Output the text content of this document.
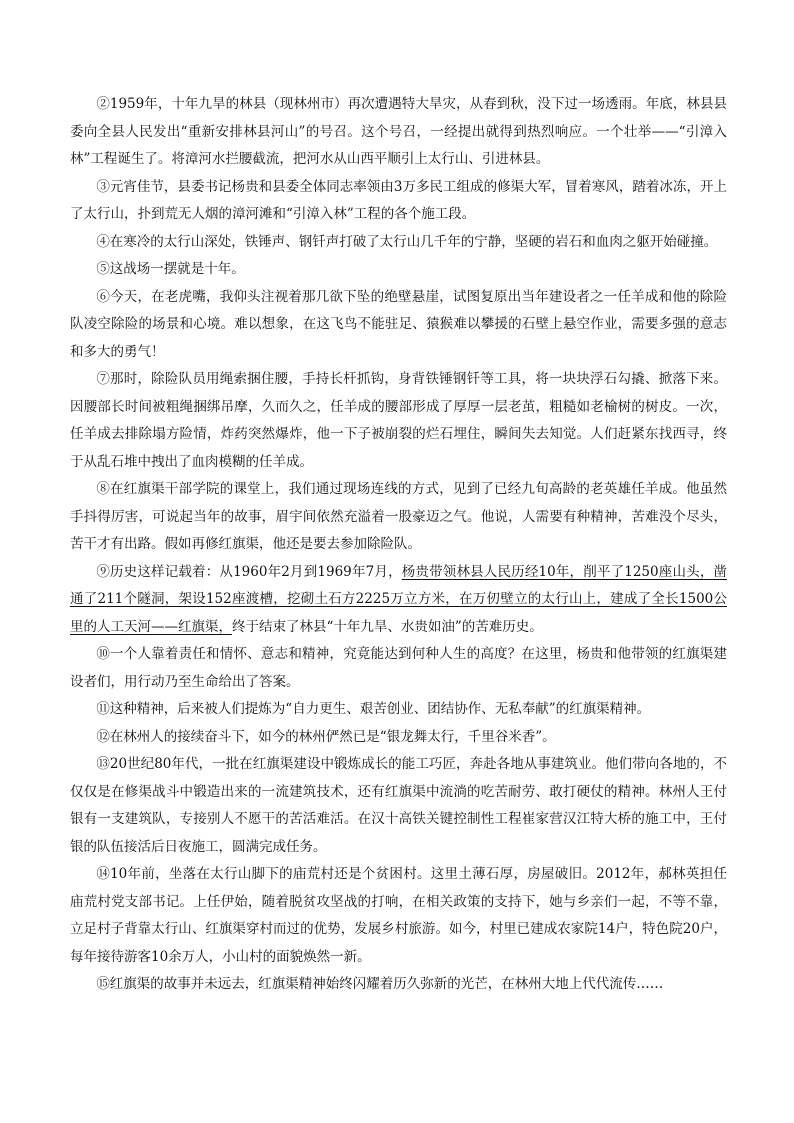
②1959年，十年九旱的林县（现林州市）再次遭遇特大旱灾，从春到秋，没下过一场透雨。年底，林县县委向全县人民发出“重新安排林县河山”的号召。这个号召，一经提出就得到热烈响应。一个壮举——“引漳入林”工程诞生了。将漳河水拦腰截流，把河水从山西平顺引上太行山、引进林县。

③元宵佳节，县委书记杨贵和县委全体同志率领由3万多民工组成的修渠大军，冒着寒风，踏着冰冻，开上了太行山，扑到荒无人烟的漳河滩和“引漳入林”工程的各个施工段。

④在寒冷的太行山深处，铁锤声、钢钎声打破了太行山几千年的宁静，坚硬的岩石和血肉之躯开始碰撞。

⑤这战场一摆就是十年。

⑥今天，在老虎嘴，我仰头注视着那几欲下坠的绝壁悬崖，试图复原出当年建设者之一任羊成和他的除险队凌空除险的场景和心境。难以想象，在这飞鸟不能驻足、猿猴难以攀援的石壁上悬空作业，需要多强的意志和多大的勇气！

⑦那时，除险队员用绳索捆住腰，手持长杆抓钩，身背铁锤钢钎等工具，将一块块浮石勾撬、掀落下来。因腰部长时间被粗绳捆绑吊摩，久而久之，任羊成的腰部形成了厚厚一层老茧，粗糙如老榆树的树皮。一次，任羊成去排除塌方险情，炸药突然爆炸，他一下子被崩裂的烂石埋住，瞬间失去知觉。人们赶紧东找西寻，终于从乱石堆中拽出了血肉模糊的任羊成。

⑧在红旗渠干部学院的课堂上，我们通过现场连线的方式，见到了已经九旬高龄的老英雄任羊成。他虽然手抖得厉害，可说起当年的故事，眉宇间依然充溢着一股豪迈之气。他说，人需要有种精神，苦难没个尽头，苦干才有出路。假如再修红旗渠，他还是要去参加除险队。

⑨历史这样记载着：从1960年2月到1969年7月，杨贵带领林县人民历经10年，削平了1250座山头，凿通了211个隧洞，架设152座渡槽，挖砌土石方2225万立方米，在万仞壁立的太行山上，建成了全长1500公里的人工天河——红旗渠，终于结束了林县“十年九旱、水贵如油”的苦难历史。

⑩一个人靠着责任和情怀、意志和精神，究竟能达到何种人生的高度？在这里，杨贵和他带领的红旗渠建设者们，用行动乃至生命给出了答案。

⑪这种精神，后来被人们提炼为“自力更生、艰苦创业、团结协作、无私奉献”的红旗渠精神。

⑫在林州人的接续奋斗下，如今的林州俨然已是“银龙舞太行，千里谷米香”。

⑬20世纪80年代，一批在红旗渠建设中锻炼成长的能工巧匠，奔赴各地从事建筑业。他们带向各地的，不仅仅是在修渠战斗中锻造出来的一流建筑技术，还有红旗渠中流淌的吃苦耐劳、敢打硬仗的精神。林州人王付银有一支建筑队，专接别人不愿干的苦活难活。在汉十高铁关键控制性工程崔家营汉江特大桥的施工中，王付银的队伍接活后日夜施工，圆满完成任务。

⑭10年前，坐落在太行山脚下的庙荒村还是个贫困村。这里土薄石厚，房屋破旧。2012年，郝林英担任庙荒村党支部书记。上任伊始，随着脱贫攻坚战的打响，在相关政策的支持下，她与乡亲们一起，不等不靠，立足村子背靠太行山、红旗渠穿村而过的优势，发展乡村旅游。如今，村里已建成农家院14户，特色院20户，每年接待游客10余万人，小山村的面貌焕然一新。

⑮红旗渠的故事并未远去，红旗渠精神始终闪耀着历久弥新的光芒，在林州大地上代代流传……
